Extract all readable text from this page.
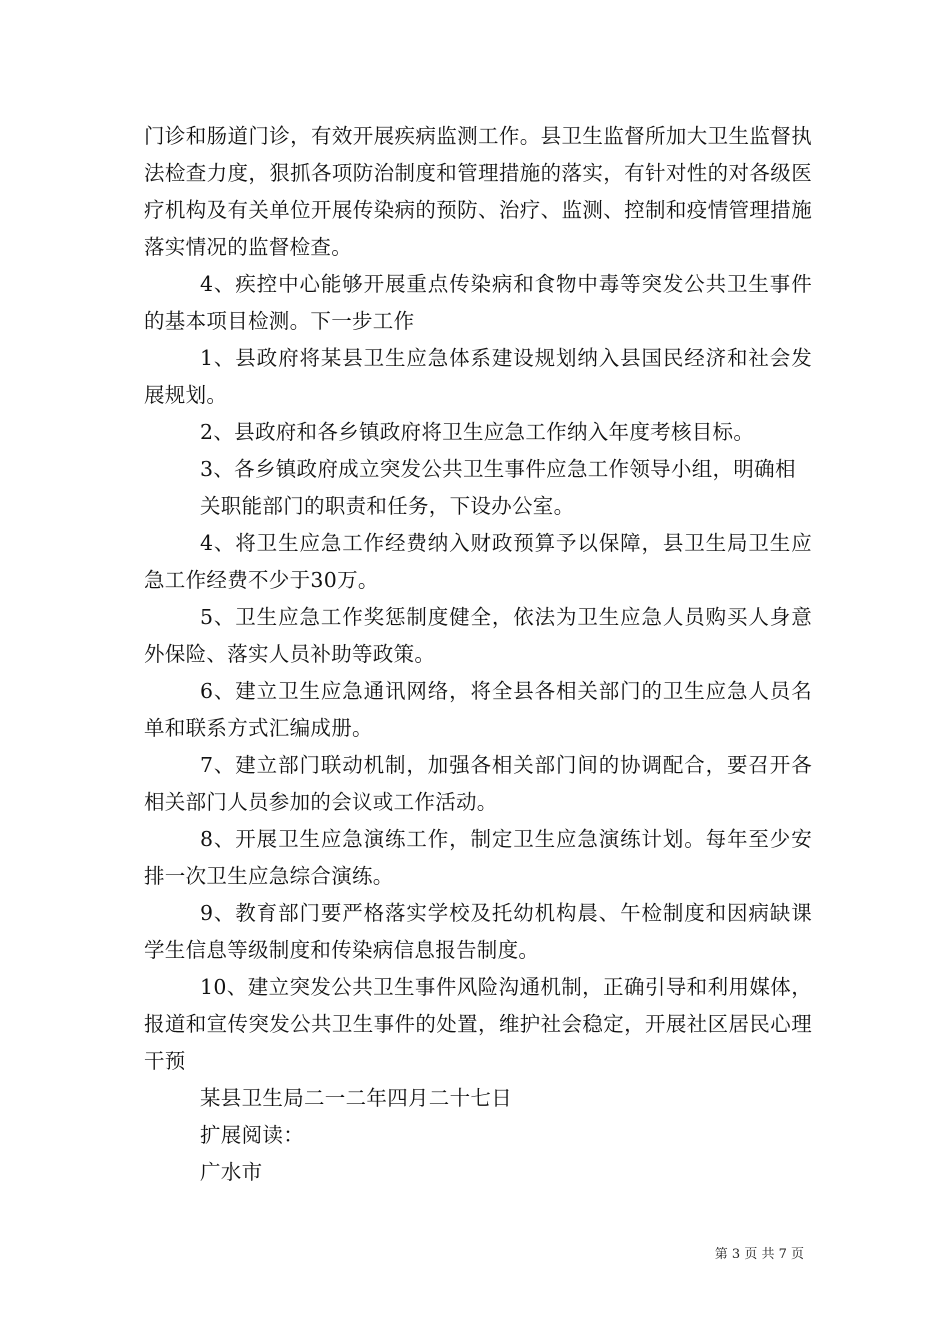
门诊和肠道门诊，有效开展疾病监测工作。县卫生监督所加大卫生监督执法检查力度，狠抓各项防治制度和管理措施的落实，有针对性的对各级医疗机构及有关单位开展传染病的预防、治疗、监测、控制和疫情管理措施落实情况的监督检查。

4、疾控中心能够开展重点传染病和食物中毒等突发公共卫生事件的基本项目检测。下一步工作

1、县政府将某县卫生应急体系建设规划纳入县国民经济和社会发展规划。

2、县政府和各乡镇政府将卫生应急工作纳入年度考核目标。

3、各乡镇政府成立突发公共卫生事件应急工作领导小组，明确相

关职能部门的职责和任务，下设办公室。

4、将卫生应急工作经费纳入财政预算予以保障，县卫生局卫生应急工作经费不少于30万。

5、卫生应急工作奖惩制度健全，依法为卫生应急人员购买人身意外保险、落实人员补助等政策。

6、建立卫生应急通讯网络，将全县各相关部门的卫生应急人员名单和联系方式汇编成册。

7、建立部门联动机制，加强各相关部门间的协调配合，要召开各相关部门人员参加的会议或工作活动。

8、开展卫生应急演练工作，制定卫生应急演练计划。每年至少安排一次卫生应急综合演练。

9、教育部门要严格落实学校及托幼机构晨、午检制度和因病缺课学生信息等级制度和传染病信息报告制度。

10、建立突发公共卫生事件风险沟通机制，正确引导和利用媒体，报道和宣传突发公共卫生事件的处置，维护社会稳定，开展社区居民心理干预

某县卫生局二一二年四月二十七日

扩展阅读：

广水市

第 3 页 共 7 页
